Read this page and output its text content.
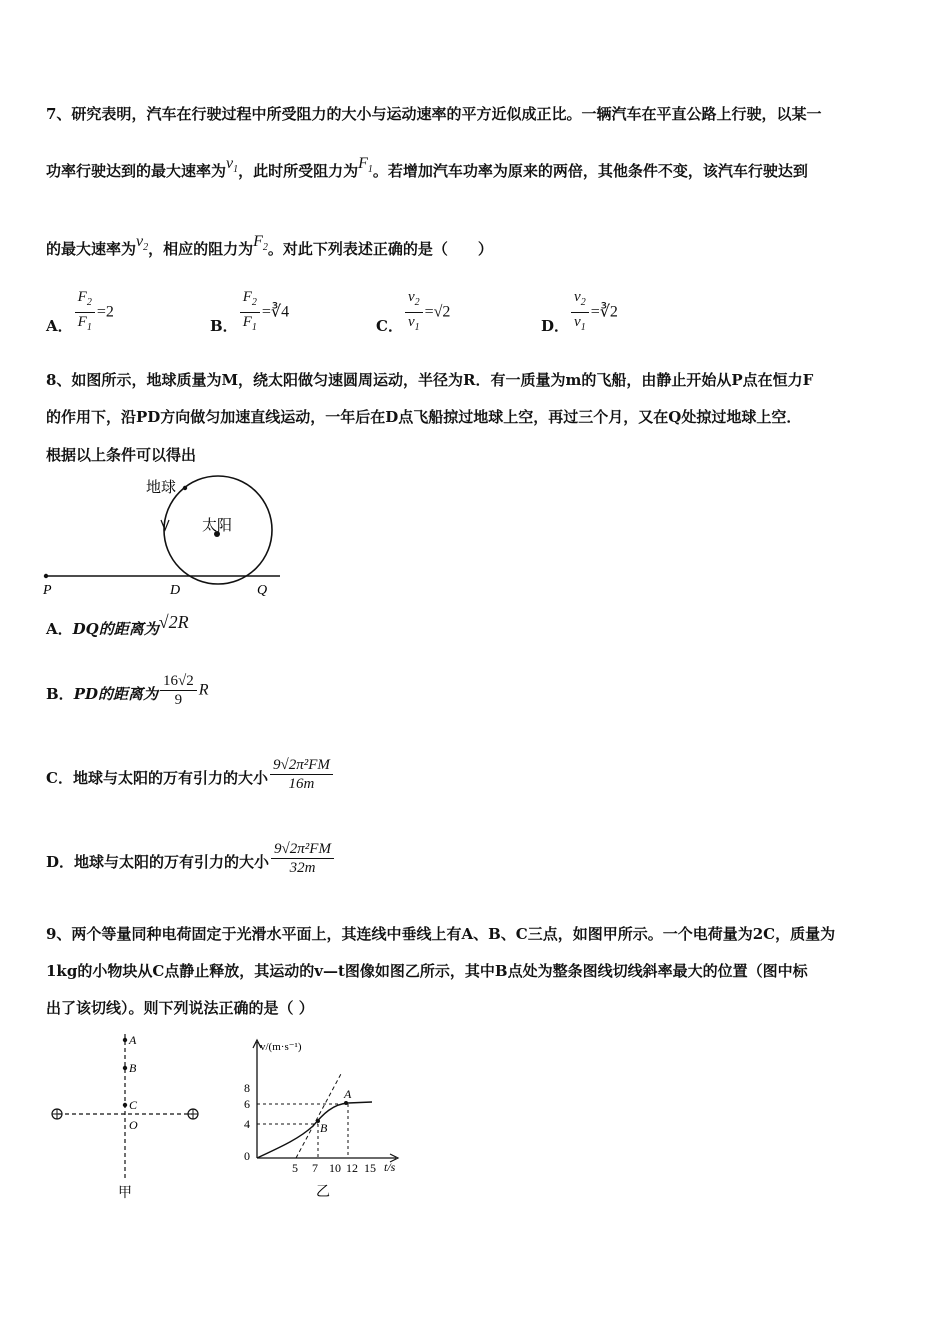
7、研究表明，汽车在行驶过程中所受阻力的大小与运动速率的平方近似成正比。一辆汽车在平直公路上行驶，以某一
功率行驶达到的最大速率为$v_1$，此时所受阻力为$F_1$。若增加汽车功率为原来的两倍，其他条件不变，该汽车行驶达到
的最大速率为$v_2$，相应的阻力为$F_2$。对此下列表述正确的是（　　）
A． $\frac{F_2}{F_1} =2$
B． $\frac{F_2}{F_1}$ =∛4
C． $\frac{v_2}{v_1} =√2$
D． $\frac{v_2}{v_1}$ =∛2
8、如图所示，地球质量为M，绕太阳做匀速圆周运动，半径为R．有一质量为m的飞船，由静止开始从P点在恒力F
的作用下，沿PD方向做匀加速直线运动，一年后在D点飞船掠过地球上空，再过三个月，又在Q处掠过地球上空．
根据以上条件可以得出
地球
太阳
P	D	Q
A．DQ的距离为√2R
B．PD的距离为 $\frac{16√2}{9}$ R
C．地球与太阳的万有引力的大小 $\frac{\text{9√2π²FM}}{16m}$
D．地球与太阳的万有引力的大小 $\frac{\text{9√2π²FM}}{32m}$
9、两个等量同种电荷固定于光滑水平面上，其连线中垂线上有A、B、C三点，如图甲所示。一个电荷量为2C，质量为
1kg的小物块从C点静止释放，其运动的v—t图像如图乙所示，其中B点处为整条图线切线斜率最大的位置（图中标
出了该切线）。则下列说法正确的是（ ）
A
B
C
O
甲
v/(m·s⁻¹)
t/s
8
6
4
0
5 7 10 12 15
B
A
乙
